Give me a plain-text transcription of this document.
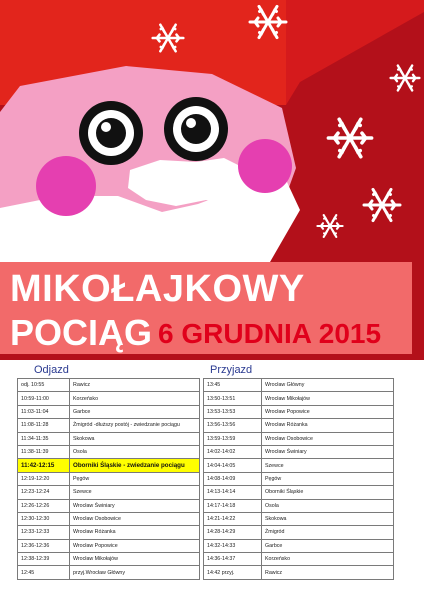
MIKOŁAJKOWY
POCIĄG 6 GRUDNIA 2015
Odjazd	Przyjazd
odj. 10:55	Rawicz		13:45	Wrocław Główny
10:59-11:00	Korzeńsko		13:50-13:51	Wrocław Mikołajów
11:03-11:04	Garbce		13:53-13:53	Wrocław Popowice
11:08-11:28	Żmigród -dłuższy postój - zwiedzanie pociągu		13:56-13:56	Wrocław Różanka
11:34-11:35	Skokowa		13:59-13:59	Wrocław Osobowice
11:38-11:39	Osola		14:02-14:02	Wrocław Świniary
11:42-12:15	Oborniki Śląskie - zwiedzanie pociągu		14:04-14:05	Szewce
12:19-12:20	Pęgów		14:08-14:09	Pęgów
12:23-12:24	Szewce		14:13-14:14	Oborniki Śląskie
12:26-12:26	Wrocław Świniary		14:17-14:18	Osola
12:30-12:30	Wrocław Osobowice		14:21-14:22	Skokowa
12:33-12:33	Wrocław Różanka		14:28-14:29	Żmigród
12:36-12:36	Wrocław Popowice		14:32-14:33	Garbce
12:38-12:39	Wrocław Mikołajów		14:36-14:37	Korzeńsko
12:45	przyj.Wrocław Główny		14:42 przyj.	Rawicz
